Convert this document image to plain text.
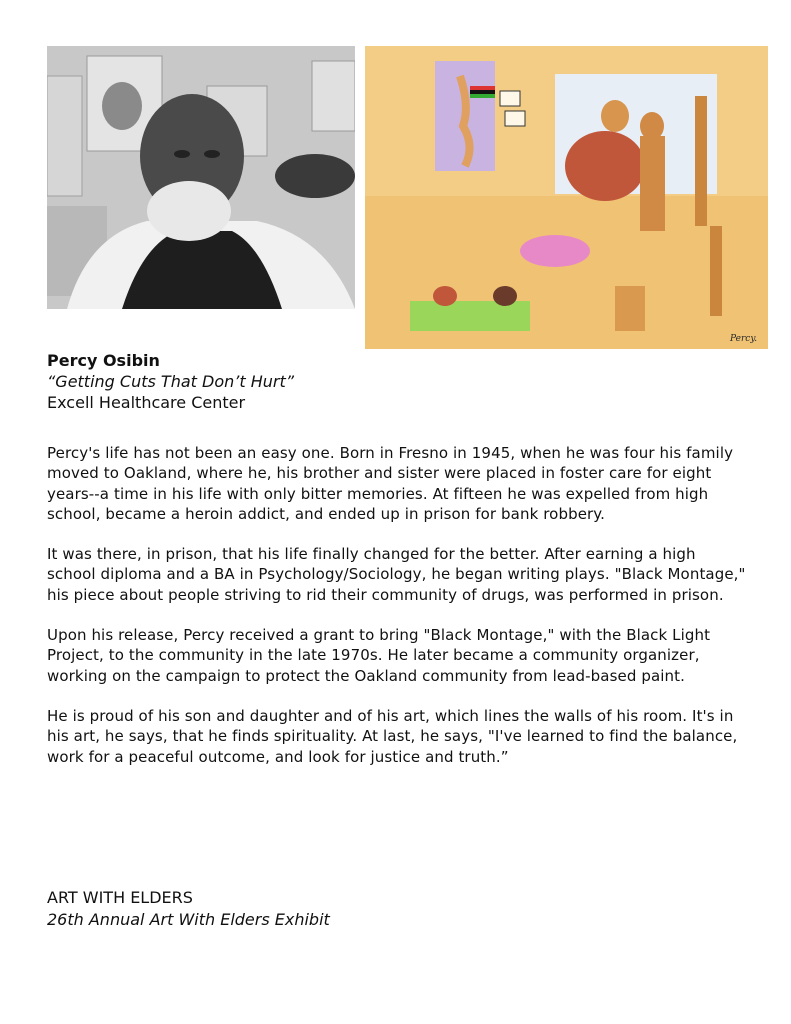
Percy.
Percy Osibin
“Getting Cuts That Don’t Hurt”
Excell Healthcare Center

Percy's life has not been an easy one. Born in Fresno in 1945, when he was four his family moved to Oakland, where he, his brother and sister were placed in foster care for eight years--a time in his life with only bitter memories. At fifteen he was expelled from high school, became a heroin addict, and ended up in prison for bank robbery.

It was there, in prison, that his life finally changed for the better. After earning a high school diploma and a BA in Psychology/Sociology, he began writing plays. "Black Montage," his piece about people striving to rid their community of drugs, was performed in prison.

Upon his release, Percy received a grant to bring "Black Montage," with the Black Light Project, to the community in the late 1970s. He later became a community organizer, working on the campaign to protect the Oakland community from lead-based paint.

He is proud of his son and daughter and of his art, which lines the walls of his room. It's in his art, he says, that he finds spirituality. At last, he says, "I've learned to find the balance, work for a peaceful outcome, and look for justice and truth.”

ART WITH ELDERS
26th Annual Art With Elders Exhibit
